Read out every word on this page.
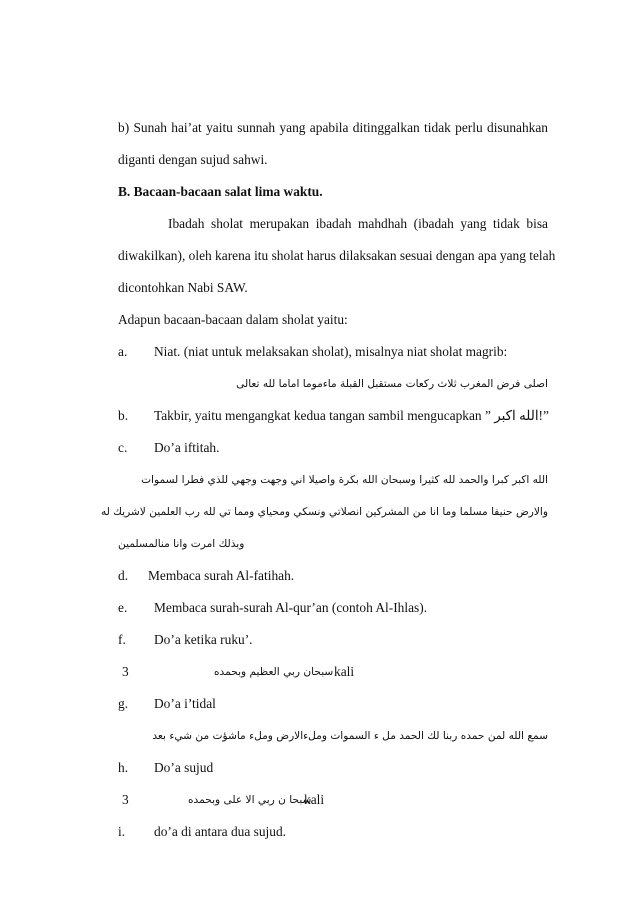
b) Sunah hai’at yaitu sunnah yang apabila ditinggalkan tidak perlu disunahkan
diganti dengan sujud sahwi.
B. Bacaan-bacaan salat lima waktu.
Ibadah sholat merupakan ibadah mahdhah (ibadah yang tidak bisa
diwakilkan), oleh karena itu sholat harus dilaksakan sesuai dengan apa yang telah
dicontohkan Nabi SAW.
Adapun bacaan-bacaan dalam sholat yaitu:
a. Niat. (niat untuk melaksakan sholat), misalnya niat sholat magrib:
اصلى فرض المغرب ثلاث ركعات مستقبل القبلة ماءموما اماما لله تعالى
b. Takbir, yaitu mengangkat kedua tangan sambil mengucapkan ” الله اكبر!”
c. Do’a iftitah.
الله اكبر كبرا والحمد لله كثيرا وسبحان الله بكرة واصيلا اني وجهت وجهي للذي فطرا لسموات
والارض حنيفا مسلما وما انا من المشركين انصلاتي ونسكي ومحياي ومما تي لله رب العلمين لاشريك له
وبذلك امرت وانا منالمسلمين
d. Membaca surah Al-fatihah.
e. Membaca surah-surah Al-qur’an (contoh Al-Ihlas).
f. Do’a ketika ruku’.
3	سبحان ربي العظيم وبحمده kali
g. Do’a i’tidal
سمع الله لمن حمده ربنا لك الحمد مل ء السموات وملءالارض وملء ماشؤت من شيء بعد
h. Do’a sujud
3	سبحا ن ربي الا على وبحمده
kali
i. do’a di antara dua sujud.
